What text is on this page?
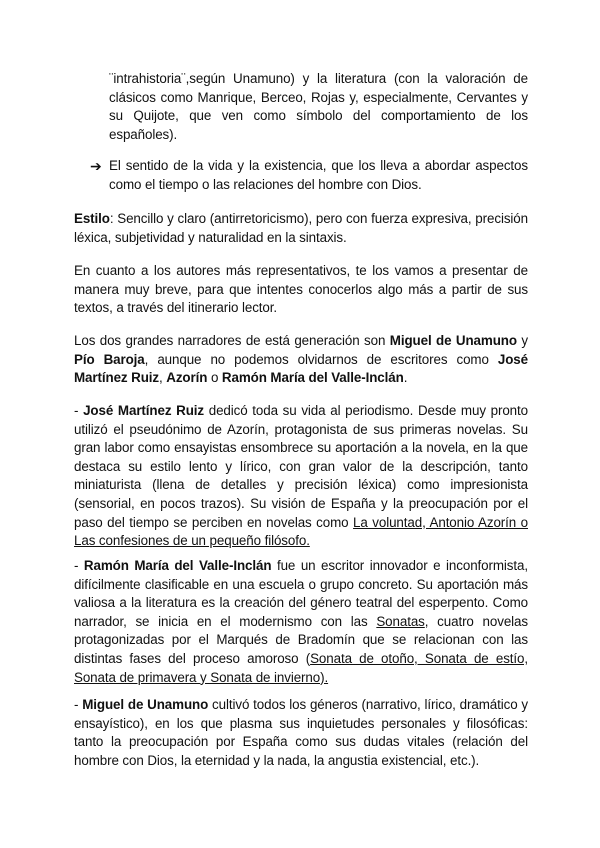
¨intrahistoria¨,según Unamuno) y la literatura (con la valoración de clásicos como Manrique, Berceo, Rojas y, especialmente, Cervantes y su Quijote, que ven como símbolo del comportamiento de los españoles).

➔ El sentido de la vida y la existencia, que los lleva a abordar aspectos como el tiempo o las relaciones del hombre con Dios.

Estilo: Sencillo y claro (antirretoricismo), pero con fuerza expresiva, precisión léxica, subjetividad y naturalidad en la sintaxis.

En cuanto a los autores más representativos, te los vamos a presentar de manera muy breve, para que intentes conocerlos algo más a partir de sus textos, a través del itinerario lector.

Los dos grandes narradores de está generación son Miguel de Unamuno y Pío Baroja, aunque no podemos olvidarnos de escritores como José Martínez Ruiz, Azorín o Ramón María del Valle-Inclán.

- José Martínez Ruiz dedicó toda su vida al periodismo. Desde muy pronto utilizó el pseudónimo de Azorín, protagonista de sus primeras novelas. Su gran labor como ensayistas ensombrece su aportación a la novela, en la que destaca su estilo lento y lírico, con gran valor de la descripción, tanto miniaturista (llena de detalles y precisión léxica) como impresionista (sensorial, en pocos trazos). Su visión de España y la preocupación por el paso del tiempo se perciben en novelas como La voluntad, Antonio Azorín o Las confesiones de un pequeño filósofo.

- Ramón María del Valle-Inclán fue un escritor innovador e inconformista, difícilmente clasificable en una escuela o grupo concreto. Su aportación más valiosa a la literatura es la creación del género teatral del esperpento. Como narrador, se inicia en el modernismo con las Sonatas, cuatro novelas protagonizadas por el Marqués de Bradomín que se relacionan con las distintas fases del proceso amoroso (Sonata de otoño, Sonata de estío, Sonata de primavera y Sonata de invierno).

- Miguel de Unamuno cultivó todos los géneros (narrativo, lírico, dramático y ensayístico), en los que plasma sus inquietudes personales y filosóficas: tanto la preocupación por España como sus dudas vitales (relación del hombre con Dios, la eternidad y la nada, la angustia existencial, etc.).
